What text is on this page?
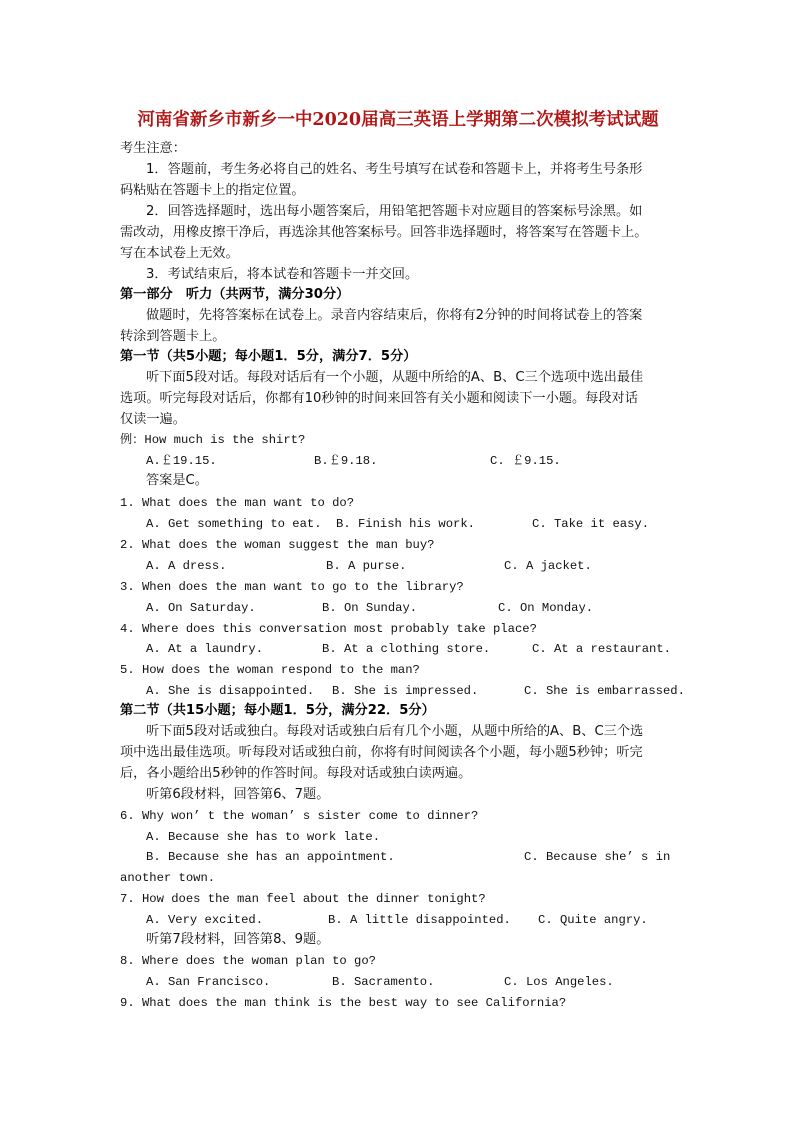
河南省新乡市新乡一中2020届高三英语上学期第二次模拟考试试题
考生注意：
1．答题前，考生务必将自己的姓名、考生号填写在试卷和答题卡上，并将考生号条形
码粘贴在答题卡上的指定位置。
2．回答选择题时，选出每小题答案后，用铅笔把答题卡对应题目的答案标号涂黑。如
需改动，用橡皮擦干净后，再选涂其他答案标号。回答非选择题时，将答案写在答题卡上。
写在本试卷上无效。
3．考试结束后，将本试卷和答题卡一并交回。
第一部分　听力（共两节，满分30分）
做题时，先将答案标在试卷上。录音内容结束后，你将有2分钟的时间将试卷上的答案
转涂到答题卡上。
第一节（共5小题；每小题1．5分，满分7．5分）
听下面5段对话。每段对话后有一个小题，从题中所给的A、B、C三个选项中选出最佳
选项。听完每段对话后，你都有10秒钟的时间来回答有关小题和阅读下一小题。每段对话
仅读一遍。
例：How much is the shirt?
A.￡19.15.	B.￡9.18.	C. ￡9.15.
答案是C。
1. What does the man want to do?
A. Get something to eat. B. Finish his work.	C. Take it easy.
2. What does the woman suggest the man buy?
A. A dress.	B. A purse.	C. A jacket.
3. When does the man want to go to the library?
A. On Saturday.	B. On Sunday.	C. On Monday.
4. Where does this conversation most probably take place?
A. At a laundry.	B. At a clothing store.	C. At a restaurant.
5. How does the woman respond to the man?
A. She is disappointed. B. She is impressed.	C. She is embarrassed.
第二节（共15小题；每小题1．5分，满分22．5分）
听下面5段对话或独白。每段对话或独白后有几个小题，从题中所给的A、B、C三个选
项中选出最佳选项。听每段对话或独白前，你将有时间阅读各个小题，每小题5秒钟；听完
后，各小题给出5秒钟的作答时间。每段对话或独白读两遍。
听第6段材料，回答第6、7题。
6. Why won’ t the woman’ s sister come to dinner?
A. Because she has to work late.
B. Because she has an appointment.	C. Because she’ s in
another town.
7. How does the man feel about the dinner tonight?
A. Very excited.	B. A little disappointed. C. Quite angry.
听第7段材料，回答第8、9题。
8. Where does the woman plan to go?
A. San Francisco.	B. Sacramento.	C. Los Angeles.
9. What does the man think is the best way to see California?
